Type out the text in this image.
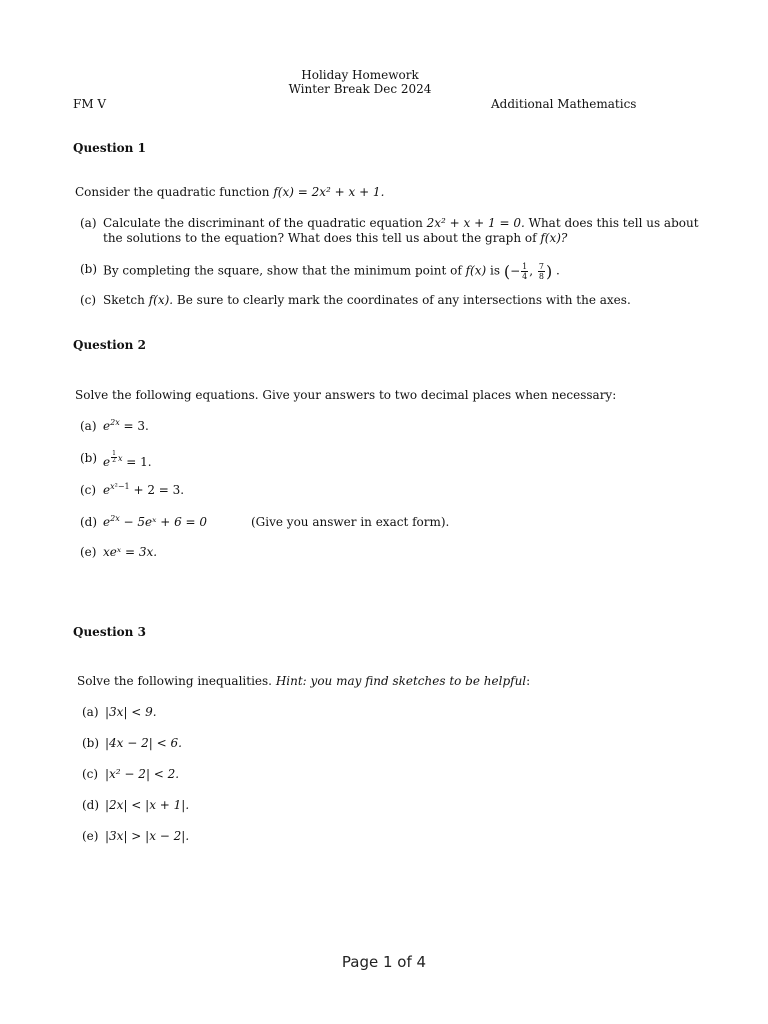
Holiday Homework
Winter Break Dec 2024
FM V	Additional Mathematics
Question 1
Consider the quadratic function f(x) = 2x² + x + 1.
(a) Calculate the discriminant of the quadratic equation 2x² + x + 1 = 0. What does this tell us about
the solutions to the equation? What does this tell us about the graph of f(x)?
(b) By completing the square, show that the minimum point of f(x) is (− $\frac{1}{4}$ , $\frac{7}{8}$ ) .
(c) Sketch f(x). Be sure to clearly mark the coordinates of any intersections with the axes.
Question 2
Solve the following equations. Give your answers to two decimal places when necessary:
(a) $e^{2x} = 3$.
(b) e $^{\frac{1}{2} x}$ = 1.
(c) $e^{x^2-1} + 2 = 3$.
(d) $e^{2x}$ − 5eˣ + 6 = 0	(Give you answer in exact form).
(e) xeˣ = 3x.
Question 3
Solve the following inequalities. Hint: you may find sketches to be helpful:
(a) |3x| < 9.
(b) |4x − 2| < 6.
(c) |x² − 2| < 2.
(d) |2x| < |x + 1|.
(e) |3x| > |x − 2|.
Page 1 of 4
